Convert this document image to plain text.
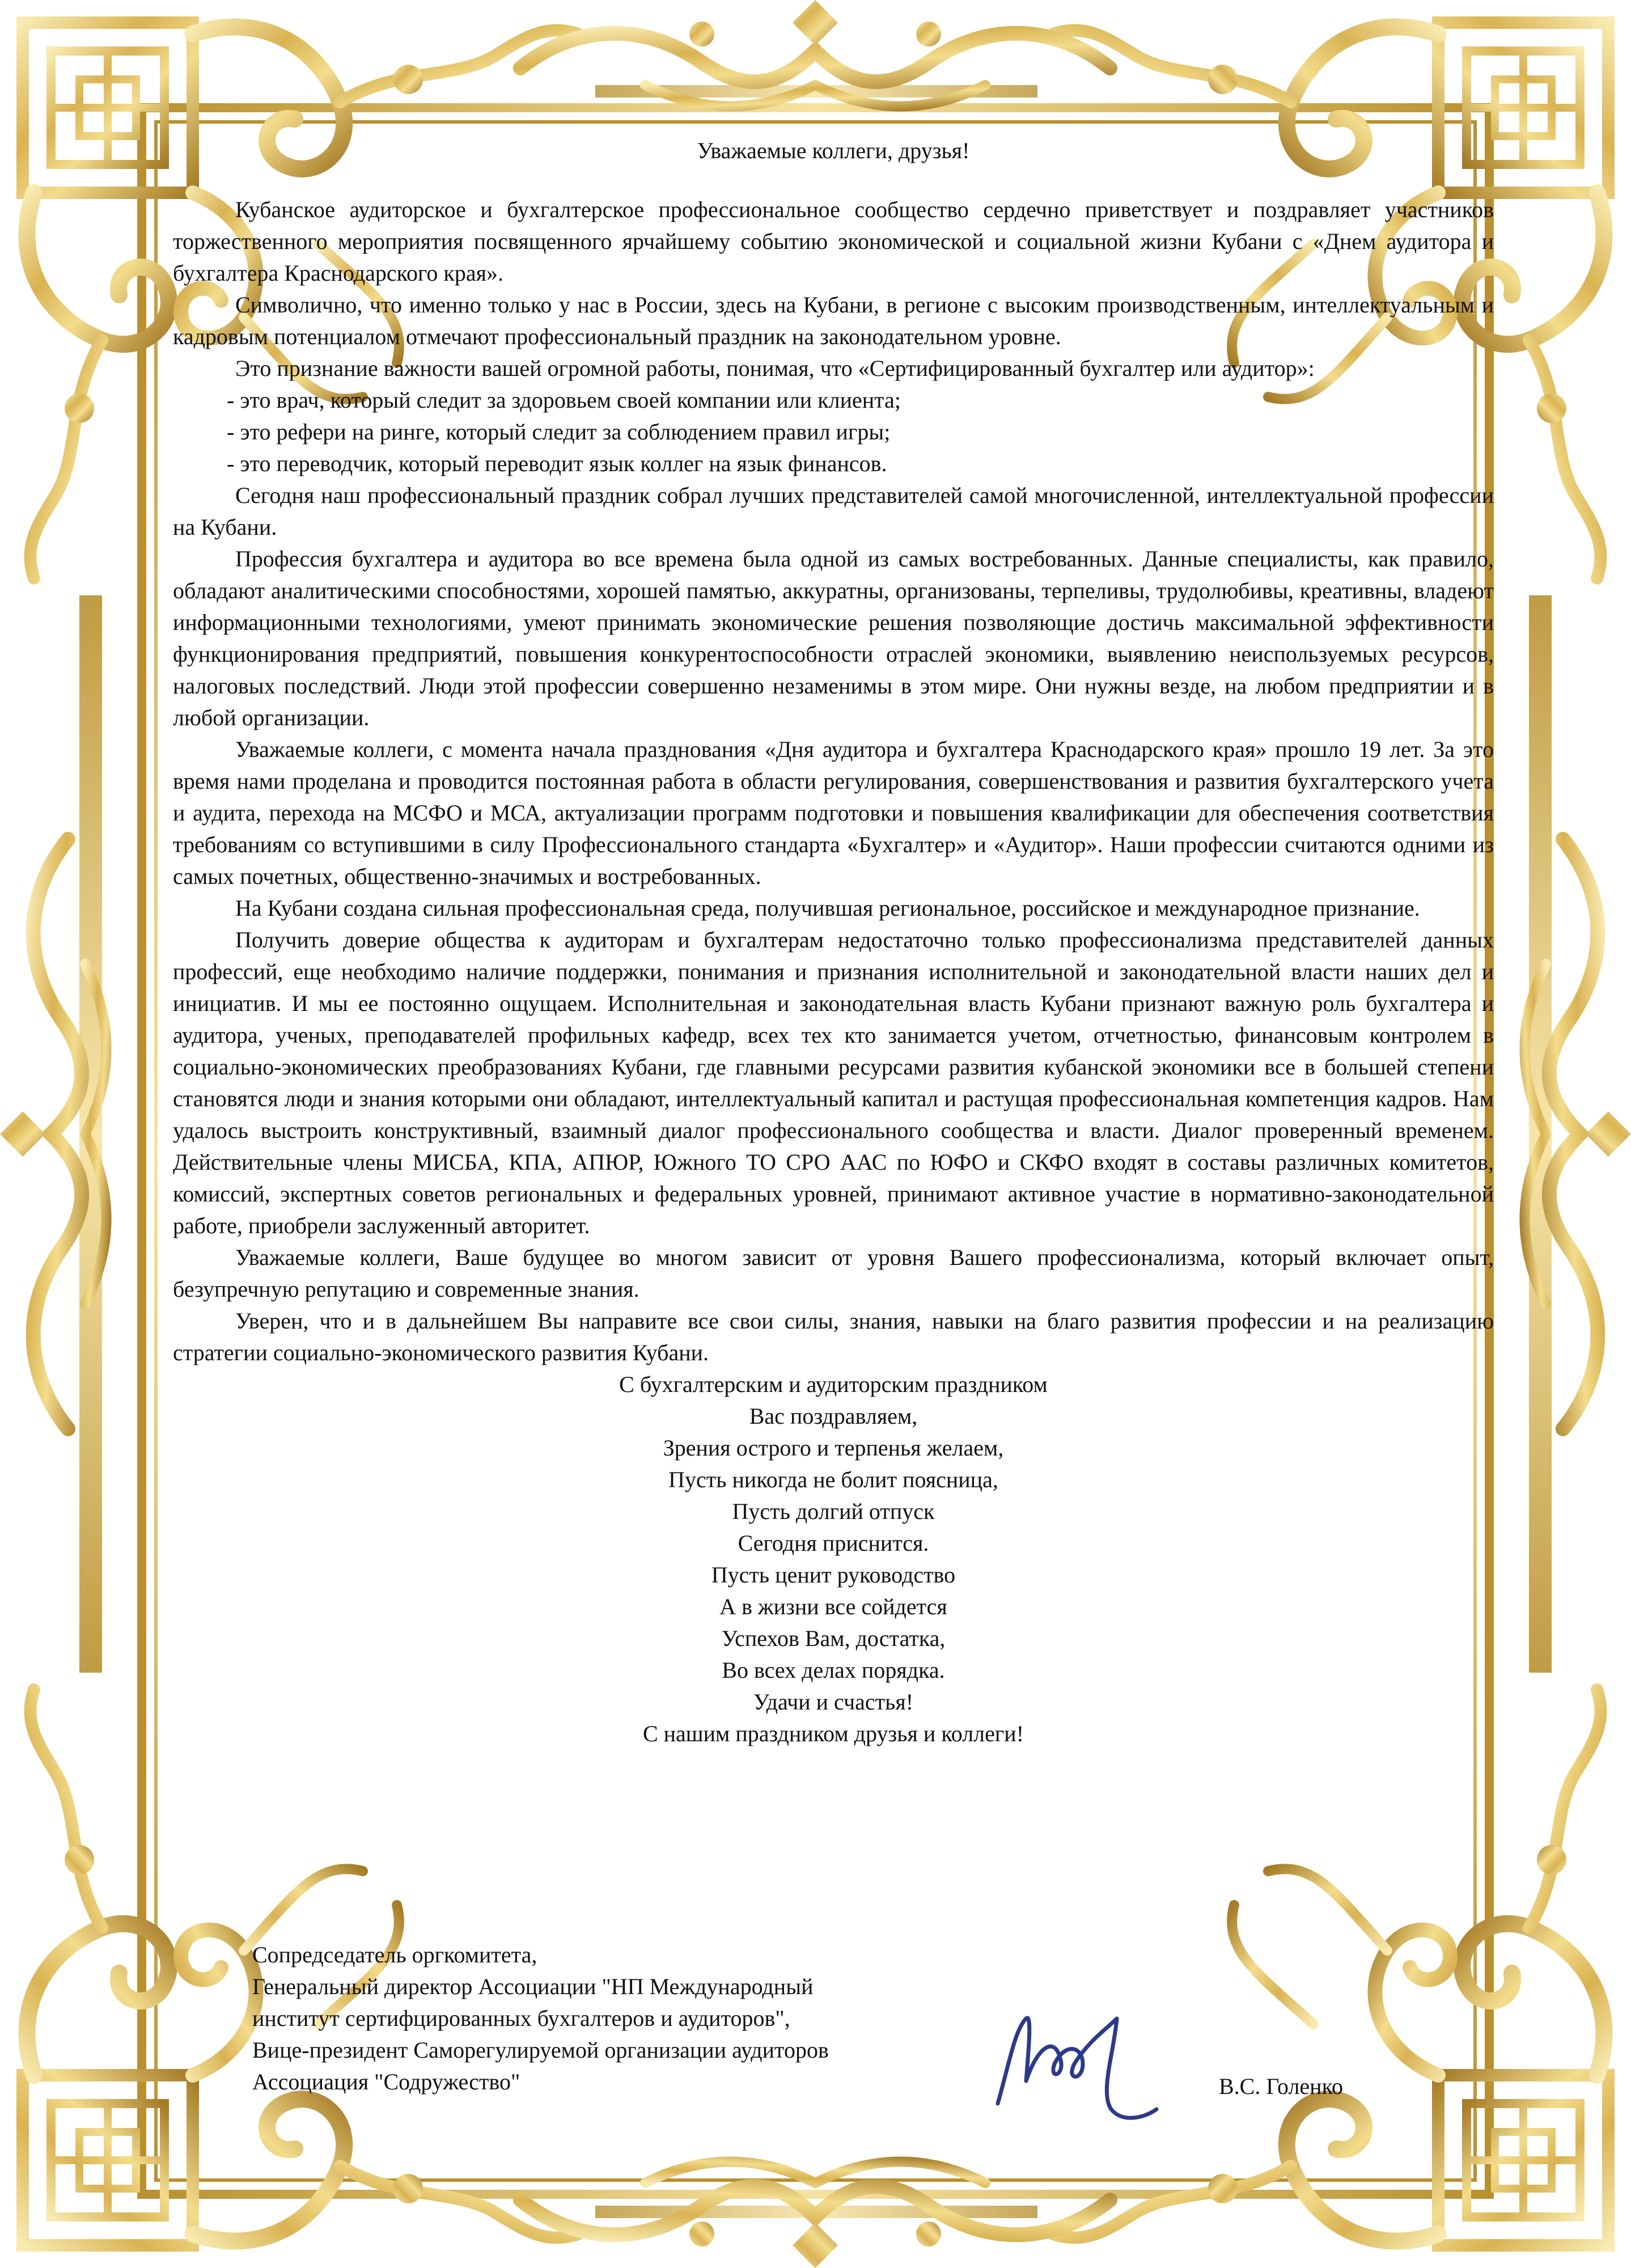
Уважаемые коллеги, друзья!

Кубанское аудиторское и бухгалтерское профессиональное сообщество сердечно приветствует и поздравляет участников торжественного мероприятия посвященного ярчайшему событию экономической и социальной жизни Кубани с «Днем аудитора и бухгалтера Краснодарского края».

Символично, что именно только у нас в России, здесь на Кубани, в регионе с высоким производственным, интеллектуальным и кадровым потенциалом отмечают профессиональный праздник на законодательном уровне.

Это признание важности вашей огромной работы, понимая, что «Сертифицированный бухгалтер или аудитор»:

- это врач, который следит за здоровьем своей компании или клиента;

- это рефери на ринге, который следит за соблюдением правил игры;

- это переводчик, который переводит язык коллег на язык финансов.

Сегодня наш профессиональный праздник собрал лучших представителей самой многочисленной, интеллектуальной профессии на Кубани.

Профессия бухгалтера и аудитора во все времена была одной из самых востребованных. Данные специалисты, как правило, обладают аналитическими способностями, хорошей памятью, аккуратны, организованы, терпеливы, трудолюбивы, креативны, владеют информационными технологиями, умеют принимать экономические решения позволяющие достичь максимальной эффективности функционирования предприятий, повышения конкурентоспособности отраслей экономики, выявлению неиспользуемых ресурсов, налоговых последствий. Люди этой профессии совершенно незаменимы в этом мире. Они нужны везде, на любом предприятии и в любой организации.

Уважаемые коллеги, с момента начала празднования «Дня аудитора и бухгалтера Краснодарского края» прошло 19 лет. За это время нами проделана и проводится постоянная работа в области регулирования, совершенствования и развития бухгалтерского учета и аудита, перехода на МСФО и МСА, актуализации программ подготовки и повышения квалификации для обеспечения соответствия требованиям со вступившими в силу Профессионального стандарта «Бухгалтер» и «Аудитор». Наши профессии считаются одними из самых почетных, общественно-значимых и востребованных.

На Кубани создана сильная профессиональная среда, получившая региональное, российское и международное признание.

Получить доверие общества к аудиторам и бухгалтерам недостаточно только профессионализма представителей данных профессий, еще необходимо наличие поддержки, понимания и признания исполнительной и законодательной власти наших дел и инициатив. И мы ее постоянно ощущаем. Исполнительная и законодательная власть Кубани признают важную роль бухгалтера и аудитора, ученых, преподавателей профильных кафедр, всех тех кто занимается учетом, отчетностью, финансовым контролем в социально-экономических преобразованиях Кубани, где главными ресурсами развития кубанской экономики все в большей степени становятся люди и знания которыми они обладают, интеллектуальный капитал и растущая профессиональная компетенция кадров. Нам удалось выстроить конструктивный, взаимный диалог профессионального сообщества и власти. Диалог проверенный временем. Действительные члены МИСБА, КПА, АПЮР, Южного ТО СРО ААС по ЮФО и СКФО входят в составы различных комитетов, комиссий, экспертных советов региональных и федеральных уровней, принимают активное участие в нормативно-законодательной работе, приобрели заслуженный авторитет.

Уважаемые коллеги, Ваше будущее во многом зависит от уровня Вашего профессионализма, который включает опыт, безупречную репутацию и современные знания.

Уверен, что и в дальнейшем Вы направите все свои силы, знания, навыки на благо развития профессии и на реализацию стратегии социально-экономического развития Кубани.

С бухгалтерским и аудиторским праздником

Вас поздравляем,

Зрения острого и терпенья желаем,

Пусть никогда не болит поясница,

Пусть долгий отпуск

Сегодня приснится.

Пусть ценит руководство

А в жизни все сойдется

Успехов Вам, достатка,

Во всех делах порядка.

Удачи и счастья!

С нашим праздником друзья и коллеги!

Сопредседатель оргкомитета,

Генеральный директор Ассоциации "НП Международный

институт сертифцированных бухгалтеров и аудиторов",

Вице-президент Саморегулируемой организации аудиторов

Ассоциация "Содружество"	В.С. Голенко
